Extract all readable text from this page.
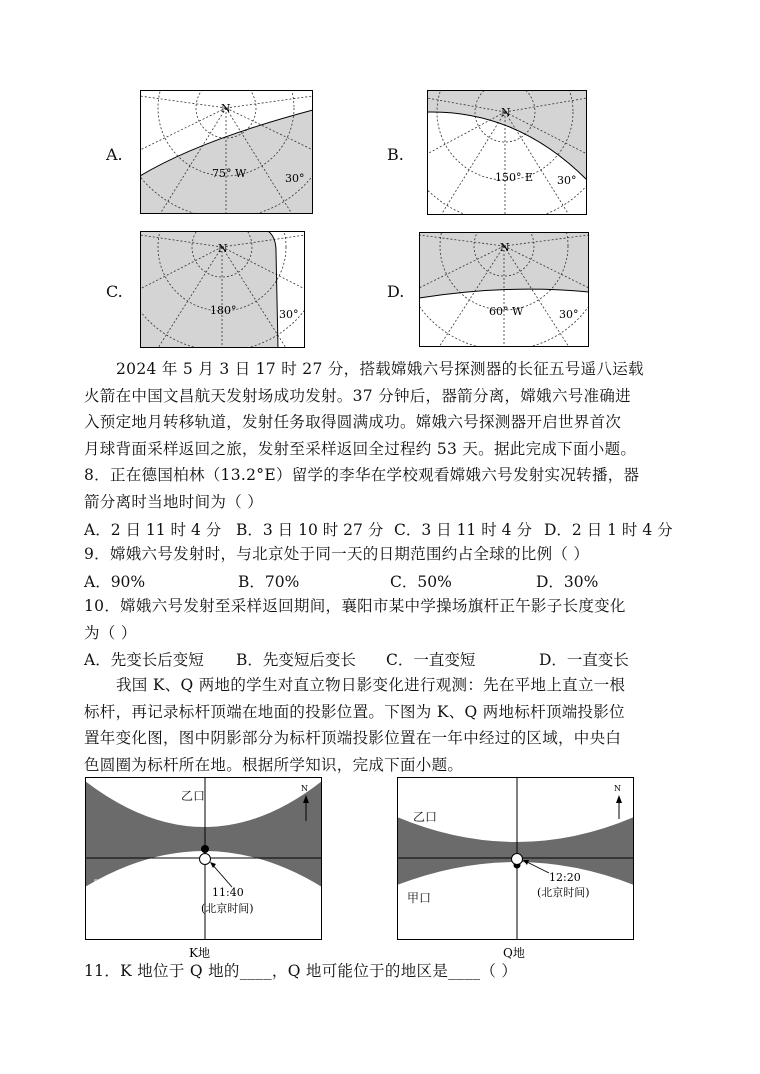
A.	B.
C.	D.
N
75° W	30°
N
150° E 30°
N
180°	30°
N
60° W	30°
2024 年 5 月 3 日 17 时 27 分，搭载嫦娥六号探测器的长征五号遥八运载
火箭在中国文昌航天发射场成功发射。37 分钟后，器箭分离，嫦娥六号准确进
入预定地月转移轨道，发射任务取得圆满成功。嫦娥六号探测器开启世界首次
月球背面采样返回之旅，发射至采样返回全过程约 53 天。据此完成下面小题。
8．正在德国柏林（13.2°E）留学的李华在学校观看嫦娥六号发射实况转播，器
箭分离时当地时间为（ ）
A．2 日 11 时 4 分 B．3 日 10 时 27 分 C．3 日 11 时 4 分 D．2 日 1 时 4 分
9．嫦娥六号发射时，与北京处于同一天的日期范围约占全球的比例（ ）
A．90%	B．70%	C．50%	D．30%
10．嫦娥六号发射至采样返回期间，襄阳市某中学操场旗杆正午影子长度变化
为（ ）
A．先变长后变短 B．先变短后变长 C．一直变短	D．一直变长
我国 K、Q 两地的学生对直立物日影变化进行观测：先在平地上直立一根
标杆，再记录标杆顶端在地面的投影位置。下图为 K、Q 两地标杆顶端投影位
置年变化图，图中阴影部分为标杆顶端投影位置在一年中经过的区域，中央白
色圆圈为标杆所在地。根据所学知识，完成下面小题。
乙口
甲日
11:40
(北京时间)
N
K地
乙口
甲口
12:20
(北京时间)
N
Q地
11．K 地位于 Q 地的____，Q 地可能位于的地区是____（ ）
